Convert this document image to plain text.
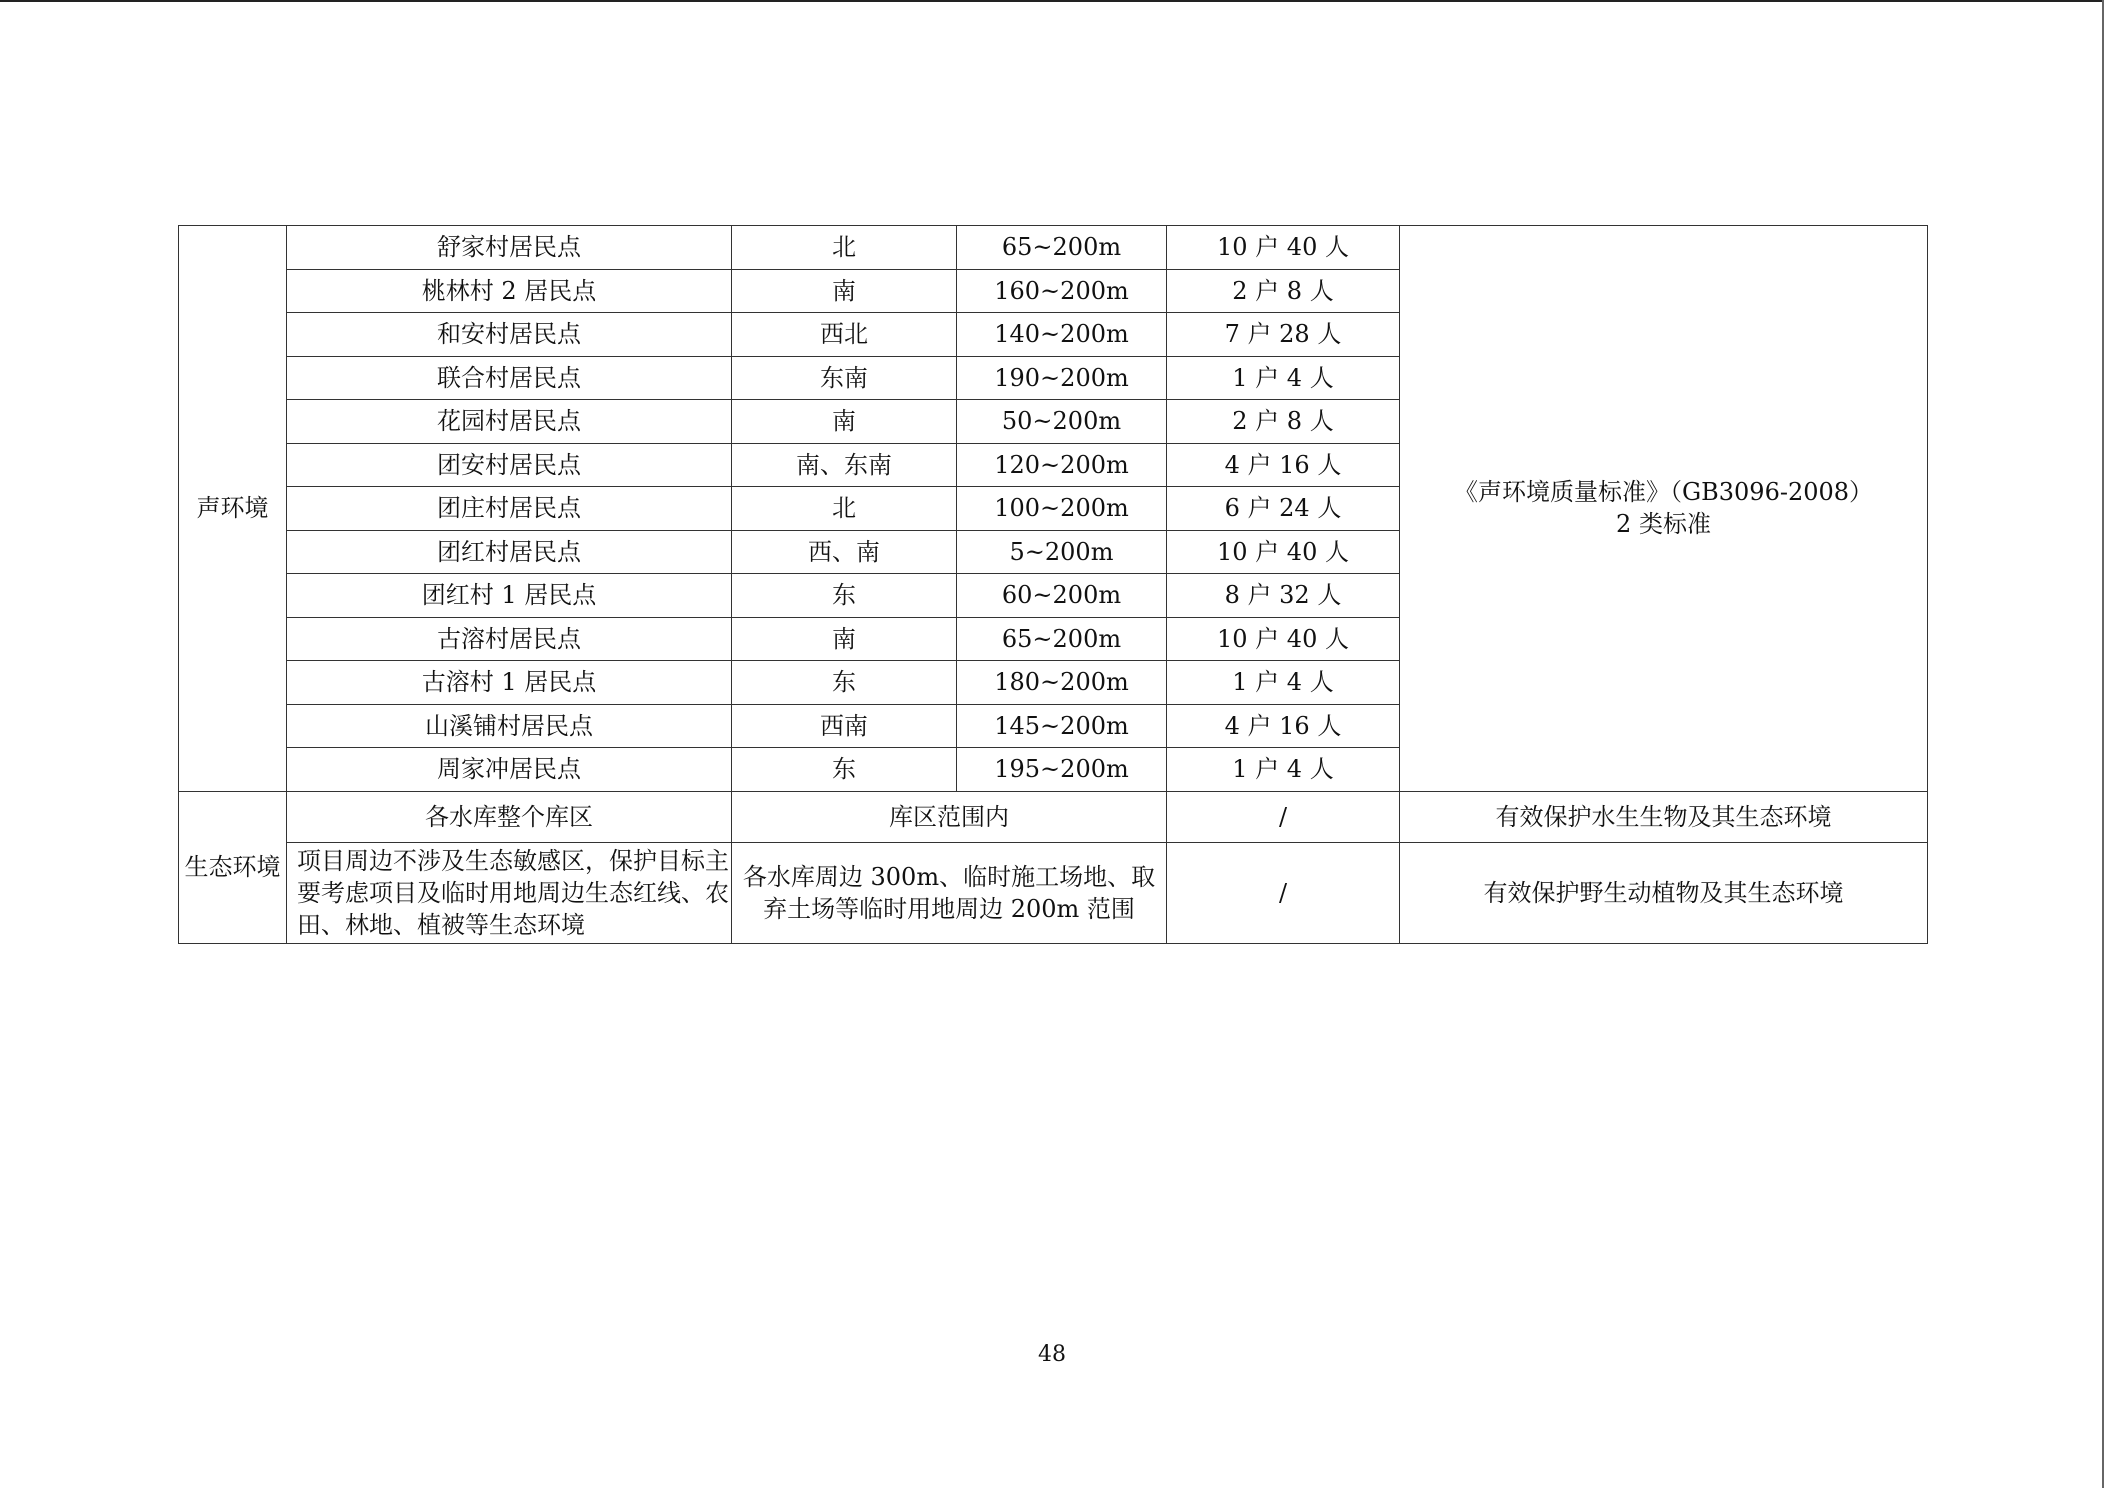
声环境	舒家村居民点	北	65~200m	10 户 40 人	《声环境质量标准》（GB3096-2008）
2 类标准

	桃林村 2 居民点	南	160~200m	2 户 8 人	
	和安村居民点	西北	140~200m	7 户 28 人	
	联合村居民点	东南	190~200m	1 户 4 人	
	花园村居民点	南	50~200m	2 户 8 人	
	团安村居民点	南、东南	120~200m	4 户 16 人	
	团庄村居民点	北	100~200m	6 户 24 人	
	团红村居民点	西、南	5~200m	10 户 40 人	
	团红村 1 居民点	东	60~200m	8 户 32 人	
	古溶村居民点	南	65~200m	10 户 40 人	
	古溶村 1 居民点	东	180~200m	1 户 4 人	
	山溪铺村居民点	西南	145~200m	4 户 16 人	
	周家冲居民点	东	195~200m	1 户 4 人	
生态环境	各水库整个库区	库区范围内		/	有效保护水生生物及其生态环境
	项目周边不涉及生态敏感区，保护目标主要考虑项目及临时用地周边生态红线、农田、林地、植被等生态环境	各水库周边 300m、临时施工场地、取弃土场等临时用地周边 200m 范围		/	有效保护野生动植物及其生态环境
48
